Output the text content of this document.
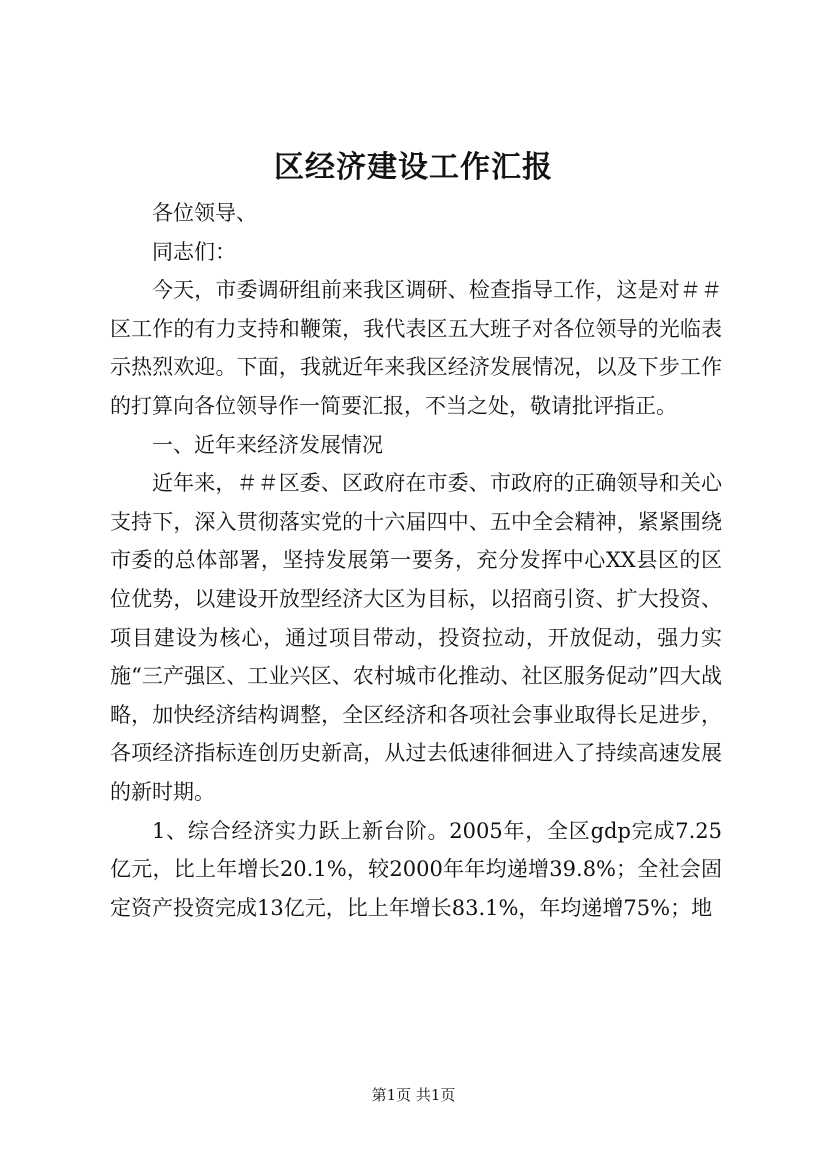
区经济建设工作汇报

各位领导、

同志们：

今天，市委调研组前来我区调研、检查指导工作，这是对＃＃区工作的有力支持和鞭策，我代表区五大班子对各位领导的光临表示热烈欢迎。下面，我就近年来我区经济发展情况，以及下步工作的打算向各位领导作一简要汇报，不当之处，敬请批评指正。

一、近年来经济发展情况

近年来，＃＃区委、区政府在市委、市政府的正确领导和关心支持下，深入贯彻落实党的十六届四中、五中全会精神，紧紧围绕市委的总体部署，坚持发展第一要务，充分发挥中心XX县区的区位优势，以建设开放型经济大区为目标，以招商引资、扩大投资、项目建设为核心，通过项目带动，投资拉动，开放促动，强力实施“三产强区、工业兴区、农村城市化推动、社区服务促动”四大战略，加快经济结构调整，全区经济和各项社会事业取得长足进步，各项经济指标连创历史新高，从过去低速徘徊进入了持续高速发展的新时期。

1、综合经济实力跃上新台阶。2005年，全区gdp完成7.25亿元，比上年增长20.1%，较2000年年均递增39.8%；全社会固定资产投资完成13亿元，比上年增长83.1%，年均递增75%；地

第1页 共1页
